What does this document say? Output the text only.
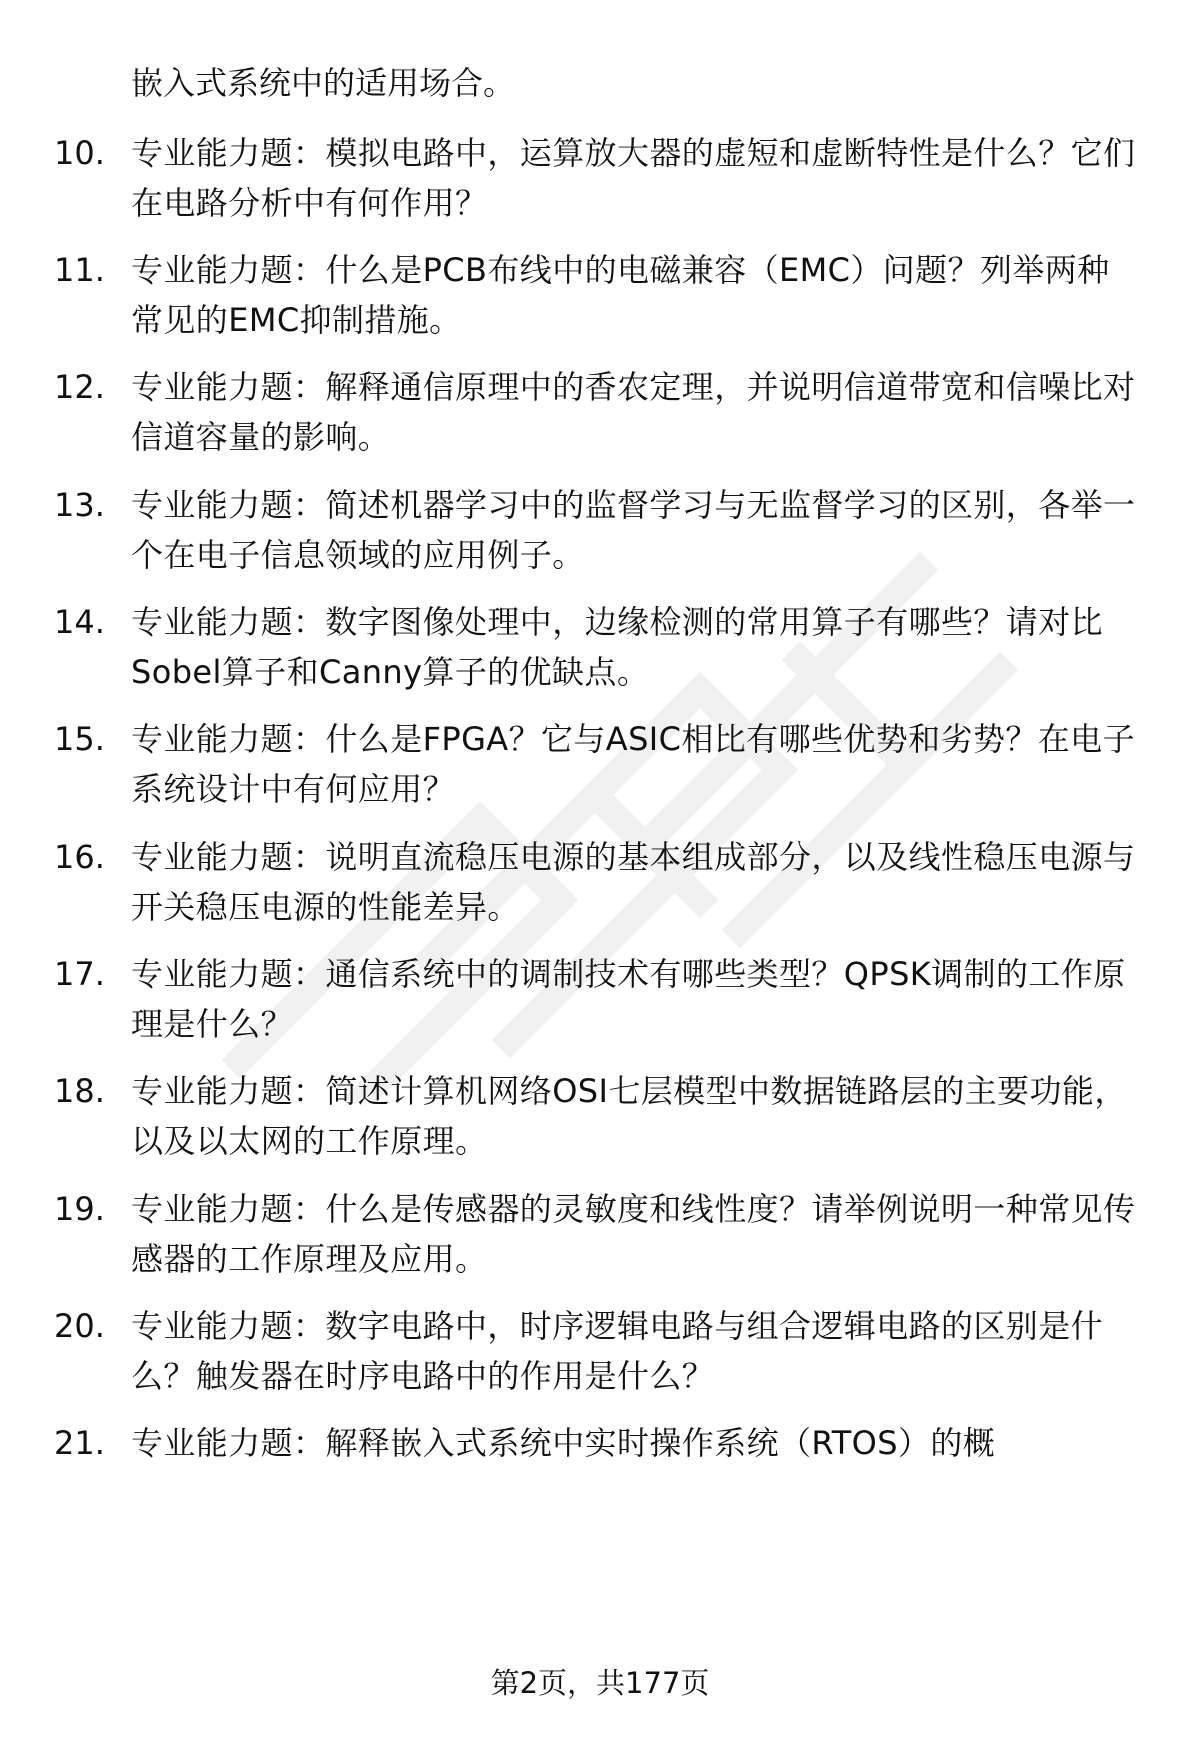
嵌入式系统中的适用场合。
10. 专业能力题：模拟电路中，运算放大器的虚短和虚断特性是什么？它们在电路分析中有何作用？
11. 专业能力题：什么是PCB布线中的电磁兼容（EMC）问题？列举两种常见的EMC抑制措施。
12. 专业能力题：解释通信原理中的香农定理，并说明信道带宽和信噪比对信道容量的影响。
13. 专业能力题：简述机器学习中的监督学习与无监督学习的区别，各举一个在电子信息领域的应用例子。
14. 专业能力题：数字图像处理中，边缘检测的常用算子有哪些？请对比Sobel算子和Canny算子的优缺点。
15. 专业能力题：什么是FPGA？它与ASIC相比有哪些优势和劣势？在电子系统设计中有何应用？
16. 专业能力题：说明直流稳压电源的基本组成部分，以及线性稳压电源与开关稳压电源的性能差异。
17. 专业能力题：通信系统中的调制技术有哪些类型？QPSK调制的工作原理是什么？
18. 专业能力题：简述计算机网络OSI七层模型中数据链路层的主要功能，以及以太网的工作原理。
19. 专业能力题：什么是传感器的灵敏度和线性度？请举例说明一种常见传感器的工作原理及应用。
20. 专业能力题：数字电路中，时序逻辑电路与组合逻辑电路的区别是什么？触发器在时序电路中的作用是什么？
21. 专业能力题：解释嵌入式系统中实时操作系统（RTOS）的概
第2页，共177页
